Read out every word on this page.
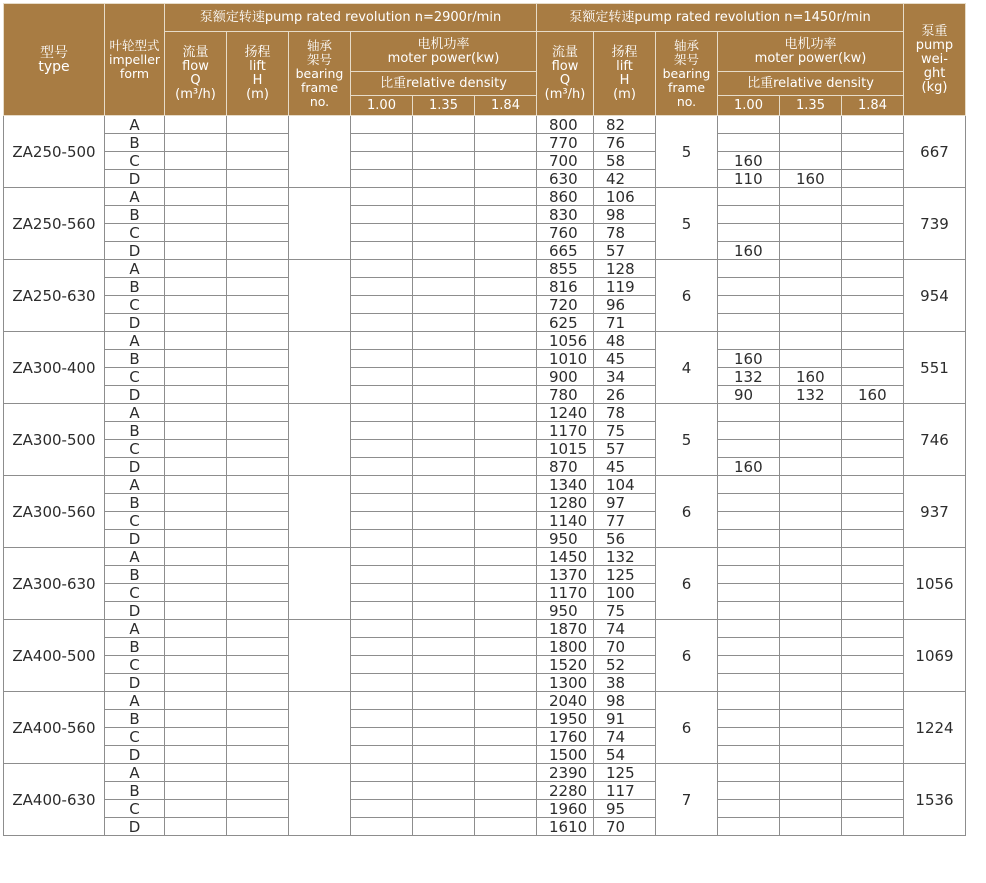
型号
type	叶轮型式
impeller
form	泵额定转速pump rated revolution n=2900r/min						泵额定转速pump rated revolution n=1450r/min						泵重
pump
wei-
ght
(kg)
		流量
flow
Q
(m³/h)	扬程
lift
H
(m)	轴承
架号
bearing
frame
no.	电机功率
moter power(kw)			流量
flow
Q
(m³/h)	扬程
lift
H
(m)	轴承
架号
bearing
frame
no.	电机功率
moter power(kw)			
					比重relative density						比重relative density			
					1.00	1.35	1.84				1.00	1.35	1.84	
ZA250-500	A							800	82	5				667
	B							770	76					
	C							700	58		160			
	D							630	42		110	160		
ZA250-560	A							860	106	5				739
	B							830	98					
	C							760	78					
	D							665	57		160			
ZA250-630	A							855	128	6				954
	B							816	119					
	C							720	96					
	D							625	71					
ZA300-400	A							1056	48	4				551
	B							1010	45		160			
	C							900	34		132	160		
	D							780	26		90	132	160	
ZA300-500	A							1240	78	5				746
	B							1170	75					
	C							1015	57					
	D							870	45		160			
ZA300-560	A							1340	104	6				937
	B							1280	97					
	C							1140	77					
	D							950	56					
ZA300-630	A							1450	132	6				1056
	B							1370	125					
	C							1170	100					
	D							950	75					
ZA400-500	A							1870	74	6				1069
	B							1800	70					
	C							1520	52					
	D							1300	38					
ZA400-560	A							2040	98	6				1224
	B							1950	91					
	C							1760	74					
	D							1500	54					
ZA400-630	A							2390	125	7				1536
	B							2280	117					
	C							1960	95					
	D							1610	70					
